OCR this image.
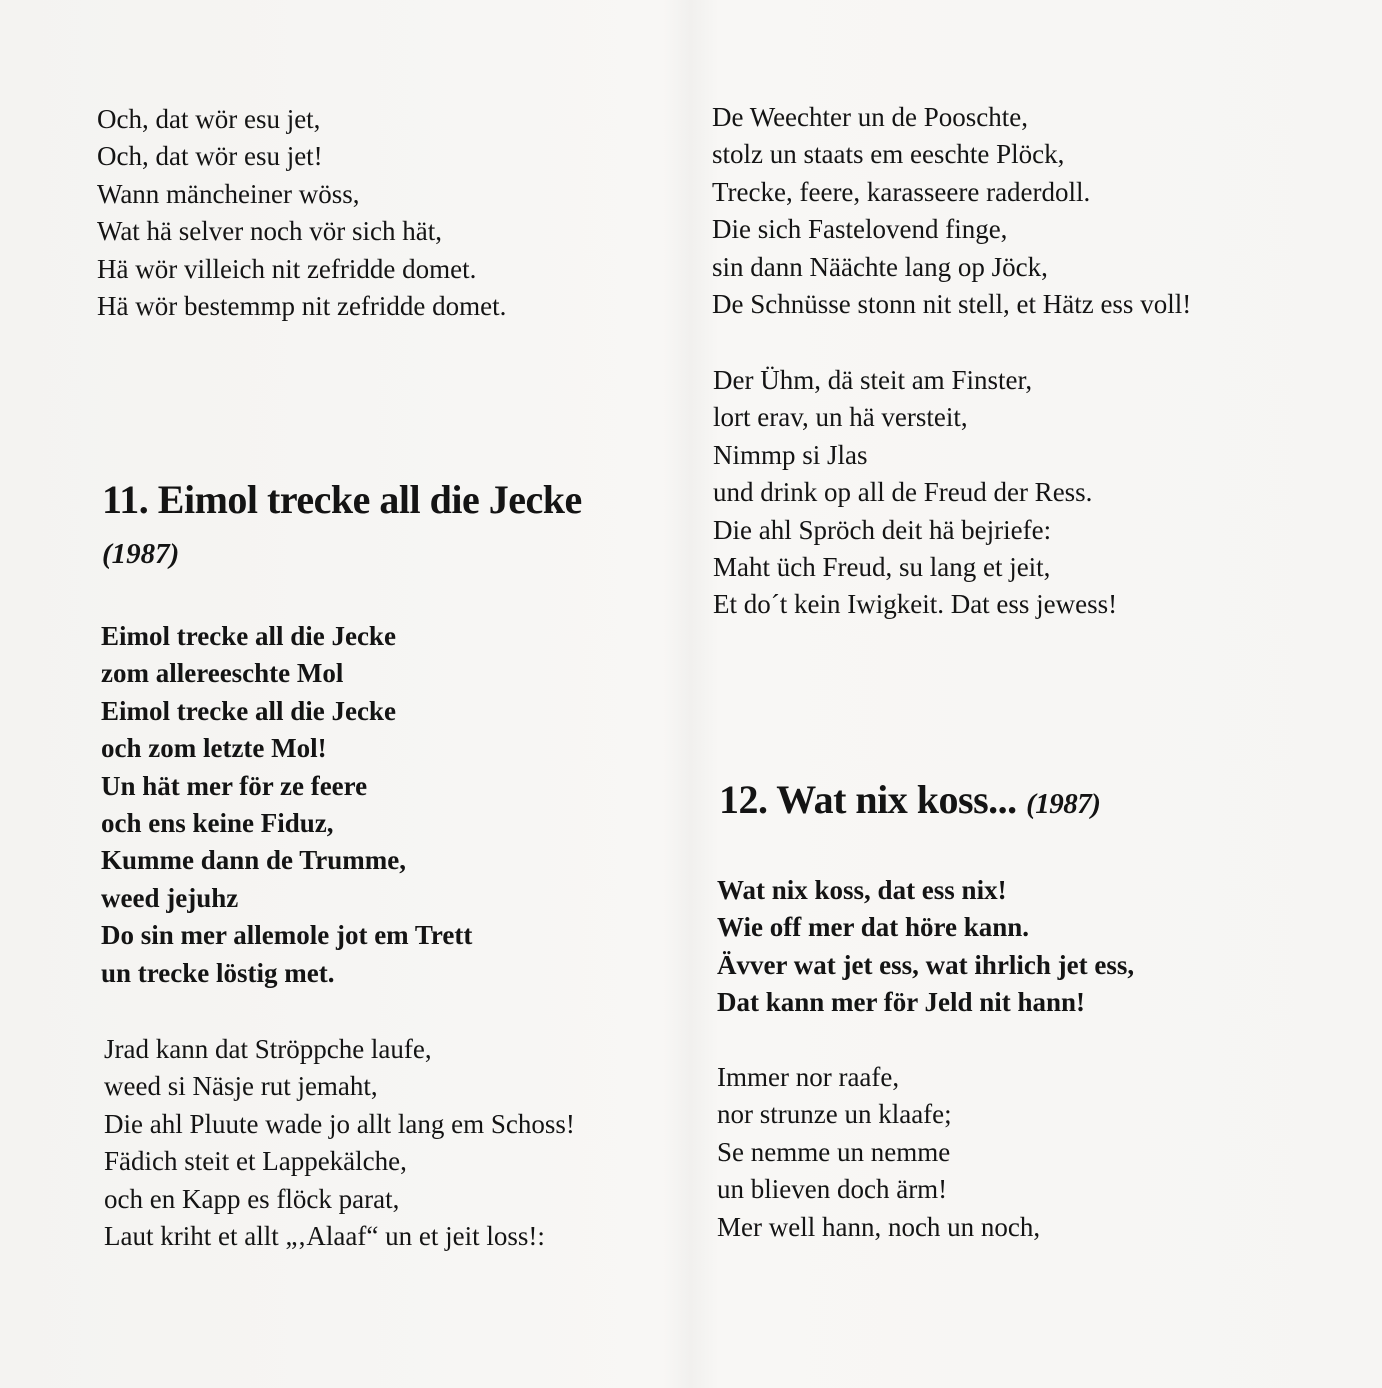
Och, dat wör esu jet,
Och, dat wör esu jet!
Wann mäncheiner wöss,
Wat hä selver noch vör sich hät,
Hä wör villeich nit zefridde domet.
Hä wör bestemmp nit zefridde domet.
11. Eimol trecke all die Jecke

(1987)

Eimol trecke all die Jecke
zom allereeschte Mol
Eimol trecke all die Jecke
och zom letzte Mol!
Un hät mer för ze feere
och ens keine Fiduz,
Kumme dann de Trumme,
weed jejuhz
Do sin mer allemole jot em Trett
un trecke löstig met.
Jrad kann dat Ströppche laufe,
weed si Näsje rut jemaht,
Die ahl Pluute wade jo allt lang em Schoss!
Fädich steit et Lappekälche,
och en Kapp es flöck parat,
Laut kriht et allt „‚Alaaf“ un et jeit loss!:
De Weechter un de Pooschte,
stolz un staats em eeschte Plöck,
Trecke, feere, karasseere raderdoll.
Die sich Fastelovend finge,
sin dann Näächte lang op Jöck,
De Schnüsse stonn nit stell, et Hätz ess voll!
Der Ühm, dä steit am Finster,
lort erav, un hä versteit,
Nimmp si Jlas
und drink op all de Freud der Ress.
Die ahl Spröch deit hä bejriefe:
Maht üch Freud, su lang et jeit,
Et do´t kein Iwigkeit. Dat ess jewess!
12. Wat nix koss... (1987)
Wat nix koss, dat ess nix!
Wie off mer dat höre kann.
Ävver wat jet ess, wat ihrlich jet ess,
Dat kann mer för Jeld nit hann!
Immer nor raafe,
nor strunze un klaafe;
Se nemme un nemme
un blieven doch ärm!
Mer well hann, noch un noch,
